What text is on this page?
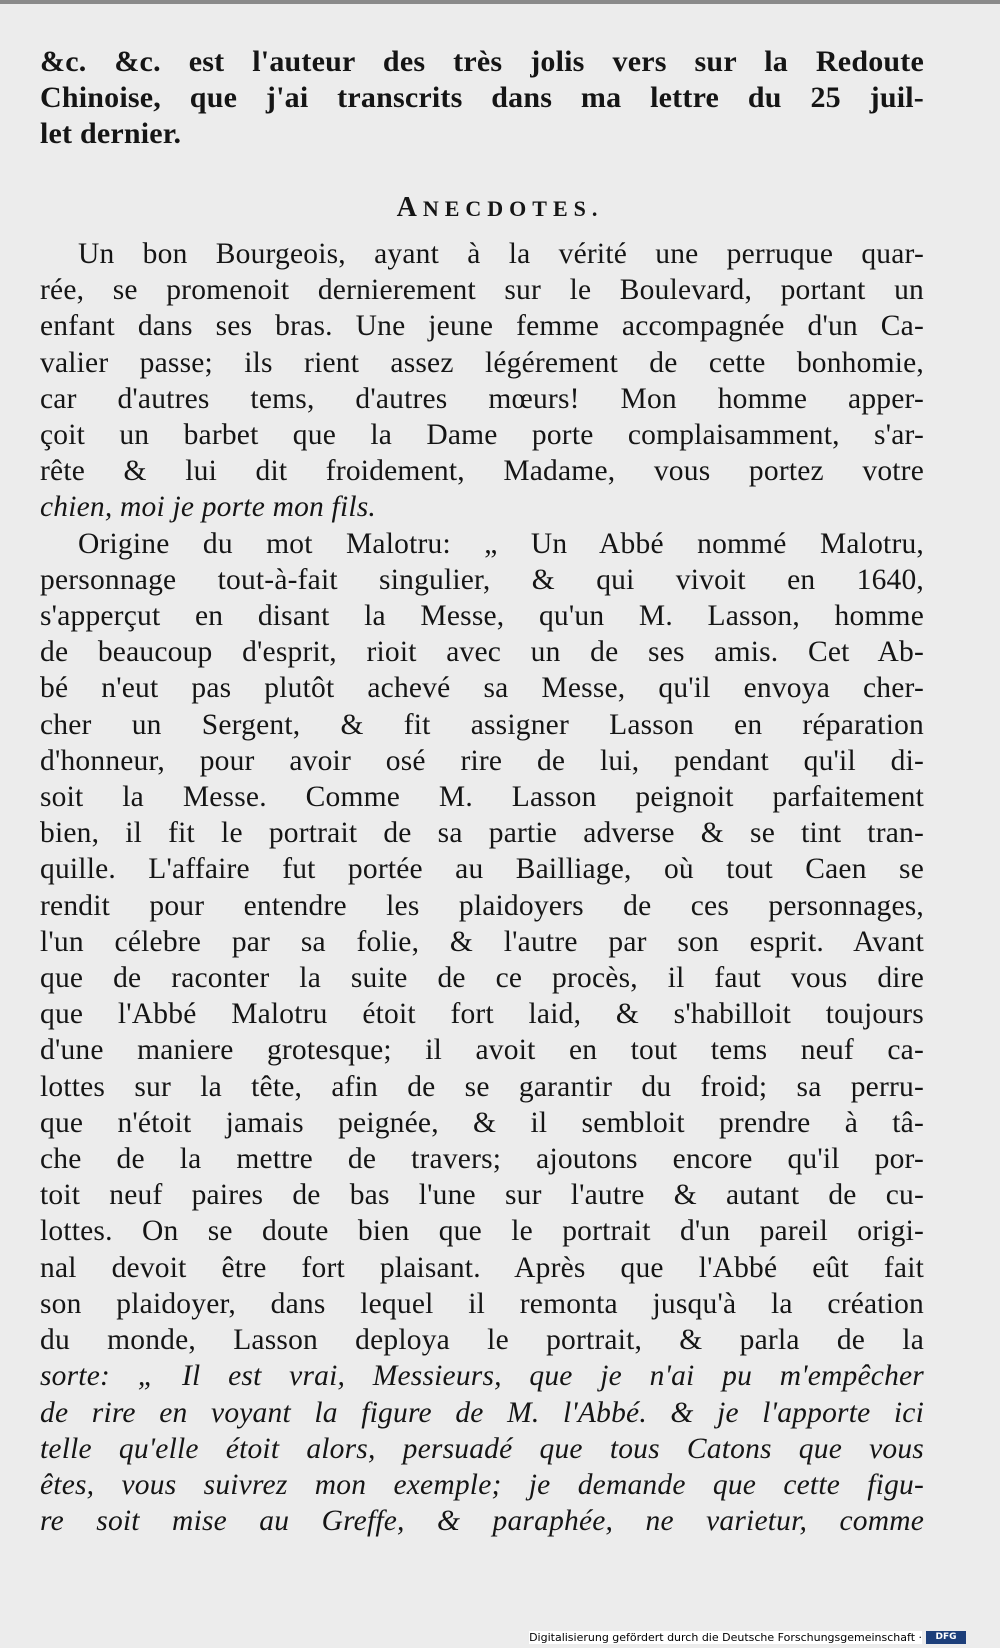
&c. &c. est l'auteur des très jolis vers sur la Redoute
Chinoise, que j'ai transcrits dans ma lettre du 25 juil-
let dernier.
ANECDOTES.
Un bon Bourgeois, ayant à la vérité une perruque quar-
rée, se promenoit dernierement sur le Boulevard, portant un
enfant dans ses bras. Une jeune femme accompagnée d'un Ca-
valier passe; ils rient assez légérement de cette bonhomie,
car d'autres tems, d'autres mœurs! Mon homme apper-
çoit un barbet que la Dame porte complaisamment, s'ar-
rête & lui dit froidement, Madame, vous portez votre
chien, moi je porte mon fils.
Origine du mot Malotru: „ Un Abbé nommé Malotru,
personnage tout-à-fait singulier, & qui vivoit en 1640,
s'apperçut en disant la Messe, qu'un M. Lasson, homme
de beaucoup d'esprit, rioit avec un de ses amis. Cet Ab-
bé n'eut pas plutôt achevé sa Messe, qu'il envoya cher-
cher un Sergent, & fit assigner Lasson en réparation
d'honneur, pour avoir osé rire de lui, pendant qu'il di-
soit la Messe. Comme M. Lasson peignoit parfaitement
bien, il fit le portrait de sa partie adverse & se tint tran-
quille. L'affaire fut portée au Bailliage, où tout Caen se
rendit pour entendre les plaidoyers de ces personnages,
l'un célebre par sa folie, & l'autre par son esprit. Avant
que de raconter la suite de ce procès, il faut vous dire
que l'Abbé Malotru étoit fort laid, & s'habilloit toujours
d'une maniere grotesque; il avoit en tout tems neuf ca-
lottes sur la tête, afin de se garantir du froid; sa perru-
que n'étoit jamais peignée, & il sembloit prendre à tâ-
che de la mettre de travers; ajoutons encore qu'il por-
toit neuf paires de bas l'une sur l'autre & autant de cu-
lottes. On se doute bien que le portrait d'un pareil origi-
nal devoit être fort plaisant. Après que l'Abbé eût fait
son plaidoyer, dans lequel il remonta jusqu'à la création
du monde, Lasson deploya le portrait, & parla de la
sorte: „ Il est vrai, Messieurs, que je n'ai pu m'empêcher
de rire en voyant la figure de M. l'Abbé. & je l'apporte ici
telle qu'elle étoit alors, persuadé que tous Catons que vous
êtes, vous suivrez mon exemple; je demande que cette figu-
re soit mise au Greffe, & paraphée, ne varietur, comme
Digitalisierung gefördert durch die Deutsche Forschungsgemeinschaft ·	DFG
